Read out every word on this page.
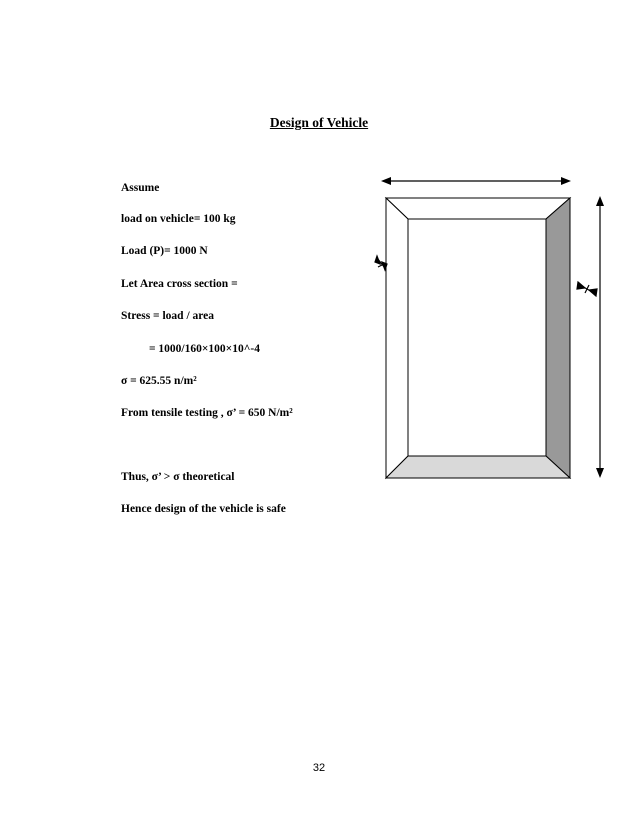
Design of Vehicle
Assume
load on vehicle= 100 kg
Load (P)= 1000 N
Let Area cross section =
Stress = load / area
= 1000/160×100×10^-4
σ = 625.55 n/m²
From tensile testing , σ’ = 650 N/m²
Thus, σ’ > σ theoretical
Hence design of the vehicle is safe
32
